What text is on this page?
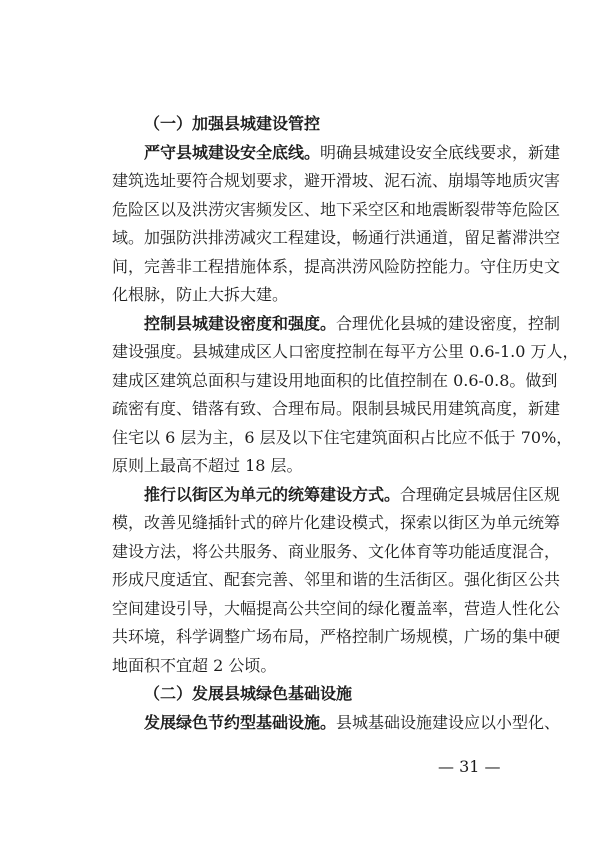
（一）加强县城建设管控
严守县城建设安全底线。明确县城建设安全底线要求，新建
建筑选址要符合规划要求，避开滑坡、泥石流、崩塌等地质灾害
危险区以及洪涝灾害频发区、地下采空区和地震断裂带等危险区
域。加强防洪排涝减灾工程建设，畅通行洪通道，留足蓄滞洪空
间，完善非工程措施体系，提高洪涝风险防控能力。守住历史文
化根脉，防止大拆大建。
控制县城建设密度和强度。合理优化县城的建设密度，控制
建设强度。县城建成区人口密度控制在每平方公里 0.6-1.0 万人，
建成区建筑总面积与建设用地面积的比值控制在 0.6-0.8。做到
疏密有度、错落有致、合理布局。限制县城民用建筑高度，新建
住宅以 6 层为主，6 层及以下住宅建筑面积占比应不低于 70%，
原则上最高不超过 18 层。
推行以街区为单元的统筹建设方式。合理确定县城居住区规
模，改善见缝插针式的碎片化建设模式，探索以街区为单元统筹
建设方法，将公共服务、商业服务、文化体育等功能适度混合，
形成尺度适宜、配套完善、邻里和谐的生活街区。强化街区公共
空间建设引导，大幅提高公共空间的绿化覆盖率，营造人性化公
共环境，科学调整广场布局，严格控制广场规模，广场的集中硬
地面积不宜超 2 公顷。
（二）发展县城绿色基础设施
发展绿色节约型基础设施。县城基础设施建设应以小型化、
— 31 —
